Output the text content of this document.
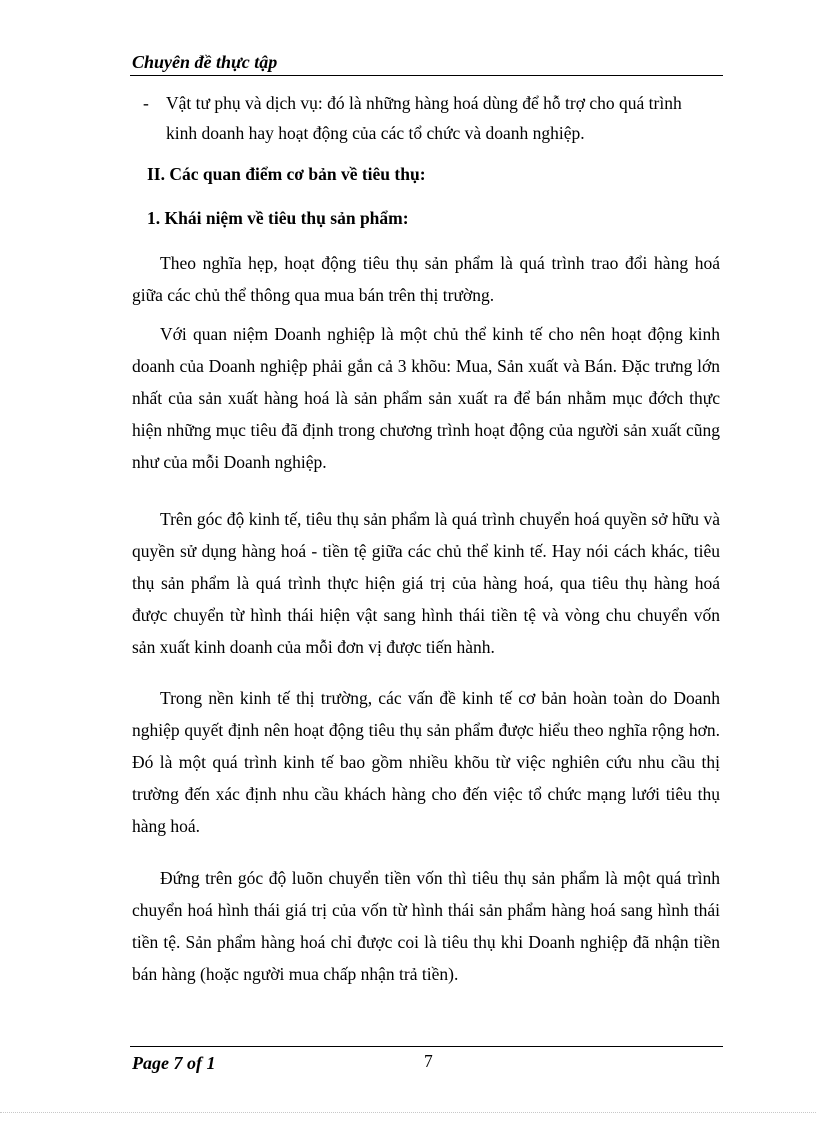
Chuyên đề thực tập
- Vật tư phụ và dịch vụ: đó là những hàng hoá dùng để hỗ trợ cho quá trình
kinh doanh hay hoạt động của các tổ chức và doanh nghiệp.
II. Các quan điểm cơ bản về tiêu thụ:
1. Khái niệm về tiêu thụ sản phẩm:

Theo nghĩa hẹp, hoạt động tiêu thụ sản phẩm là quá trình trao đổi hàng hoá giữa các chủ thể thông qua mua bán trên thị trường.

Với quan niệm Doanh nghiệp là một chủ thể kinh tế cho nên hoạt động kinh doanh của Doanh nghiệp phải gắn cả 3 khõu: Mua, Sản xuất và Bán. Đặc trưng lớn nhất của sản xuất hàng hoá là sản phẩm sản xuất ra để bán nhằm mục đớch thực hiện những mục tiêu đã định trong chương trình hoạt động của người sản xuất cũng như của mỗi Doanh nghiệp.

Trên góc độ kinh tế, tiêu thụ sản phẩm là quá trình chuyển hoá quyền sở hữu và quyền sử dụng hàng hoá - tiền tệ giữa các chủ thể kinh tế. Hay nói cách khác, tiêu thụ sản phẩm là quá trình thực hiện giá trị của hàng hoá, qua tiêu thụ hàng hoá được chuyển từ hình thái hiện vật sang hình thái tiền tệ và vòng chu chuyển vốn sản xuất kinh doanh của mỗi đơn vị được tiến hành.

Trong nền kinh tế thị trường, các vấn đề kinh tế cơ bản hoàn toàn do Doanh nghiệp quyết định nên hoạt động tiêu thụ sản phẩm được hiểu theo nghĩa rộng hơn. Đó là một quá trình kinh tế bao gồm nhiều khõu từ việc nghiên cứu nhu cầu thị trường đến xác định nhu cầu khách hàng cho đến việc tổ chức mạng lưới tiêu thụ hàng hoá.

Đứng trên góc độ luõn chuyển tiền vốn thì tiêu thụ sản phẩm là một quá trình chuyển hoá hình thái giá trị của vốn từ hình thái sản phẩm hàng hoá sang hình thái tiền tệ. Sản phẩm hàng hoá chỉ được coi là tiêu thụ khi Doanh nghiệp đã nhận tiền bán hàng (hoặc người mua chấp nhận trả tiền).

Page 7 of 1	7
